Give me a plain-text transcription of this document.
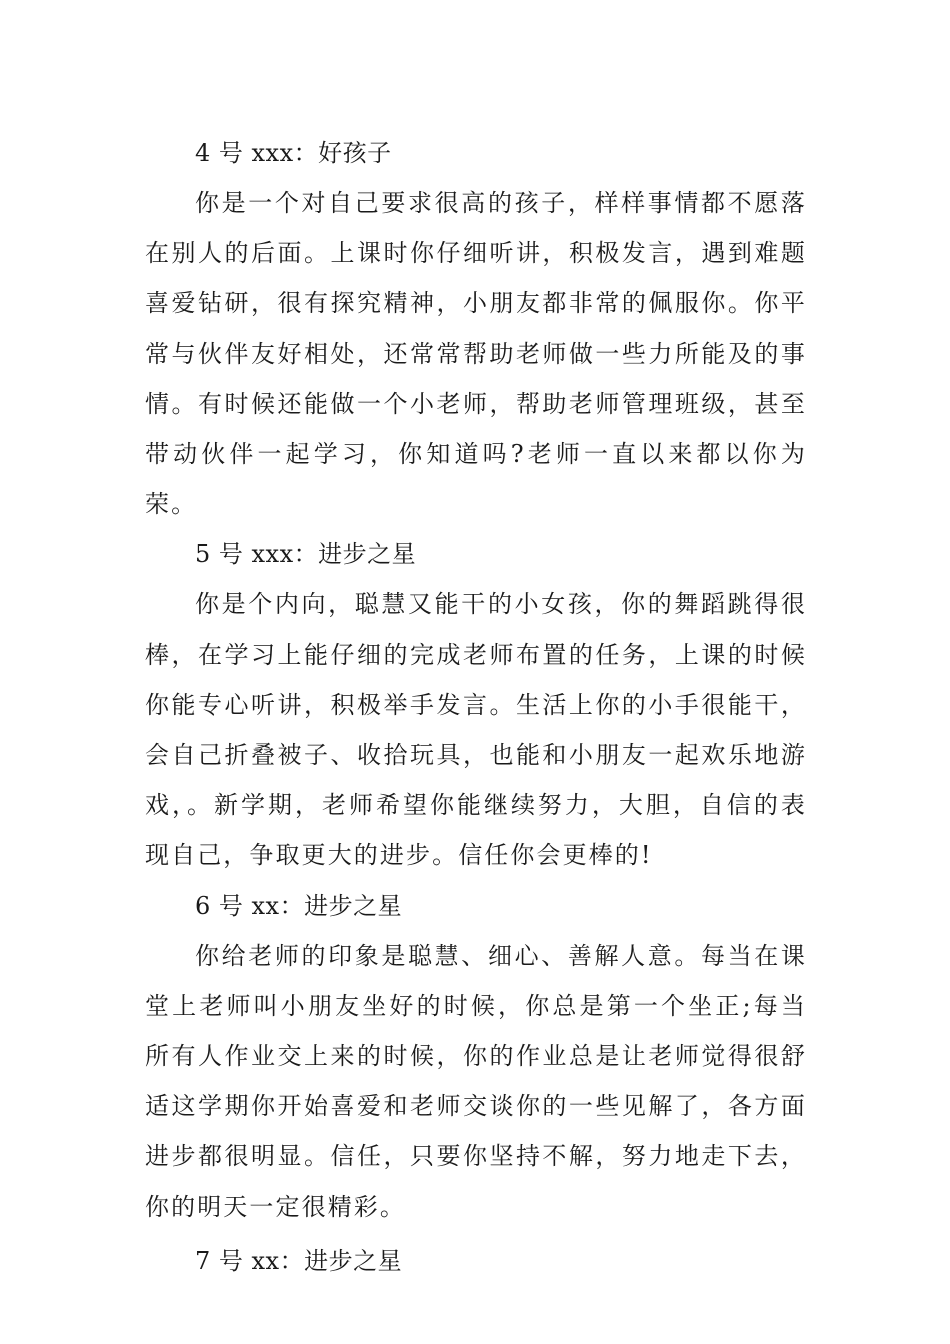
4 号 xxx：好孩子

你是一个对自己要求很高的孩子，样样事情都不愿落在别人的后面。上课时你仔细听讲，积极发言，遇到难题喜爱钻研，很有探究精神，小朋友都非常的佩服你。你平常与伙伴友好相处，还常常帮助老师做一些力所能及的事情。有时候还能做一个小老师，帮助老师管理班级，甚至带动伙伴一起学习，你知道吗?老师一直以来都以你为荣。

5 号 xxx：进步之星

你是个内向，聪慧又能干的小女孩，你的舞蹈跳得很棒，在学习上能仔细的完成老师布置的任务，上课的时候你能专心听讲，积极举手发言。生活上你的小手很能干，会自己折叠被子、收拾玩具，也能和小朋友一起欢乐地游戏，。新学期，老师希望你能继续努力，大胆，自信的表现自己，争取更大的进步。信任你会更棒的!

6 号 xx：进步之星

你给老师的印象是聪慧、细心、善解人意。每当在课堂上老师叫小朋友坐好的时候，你总是第一个坐正;每当所有人作业交上来的时候，你的作业总是让老师觉得很舒适这学期你开始喜爱和老师交谈你的一些见解了，各方面进步都很明显。信任，只要你坚持不解，努力地走下去，你的明天一定很精彩。

7 号 xx：进步之星
